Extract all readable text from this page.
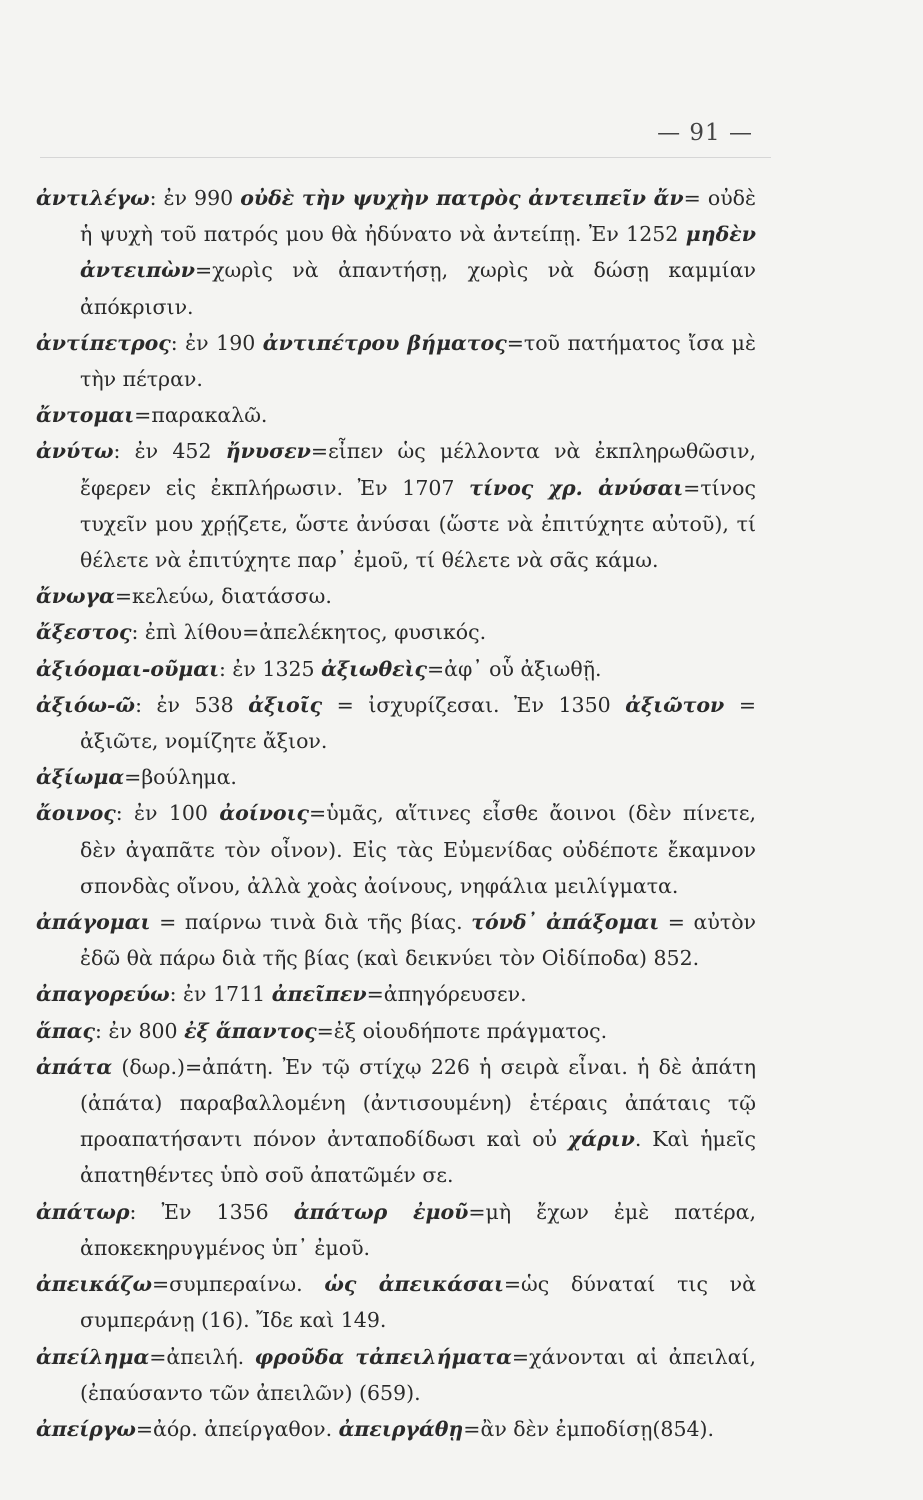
— 91 —

ἀντιλέγω: ἐν 990 οὐδὲ τὴν ψυχὴν πατρὸς ἀντειπεῖν ἄν= οὐδὲ ἡ ψυχὴ τοῦ πατρός μου θὰ ἠδύνατο νὰ ἀντείπῃ. Ἐν 1252 μηδὲν ἀντειπὼν=χωρὶς νὰ ἀπαντήσῃ, χωρὶς νὰ δώσῃ καμμίαν ἀπόκρισιν.

ἀντίπετρος: ἐν 190 ἀντιπέτρου βήματος=τοῦ πατήματος ἴσα μὲ τὴν πέτραν.

ἄντομαι=παρακαλῶ.

ἀνύτω: ἐν 452 ἤνυσεν=εἶπεν ὡς μέλλοντα νὰ ἐκπληρωθῶσιν, ἔφερεν εἰς ἐκπλήρωσιν. Ἐν 1707 τίνος χρ. ἀνύσαι=τίνος τυχεῖν μου χρῄζετε, ὥστε ἀνύσαι (ὥστε νὰ ἐπιτύχητε αὐτοῦ), τί θέλετε νὰ ἐπιτύχητε παρ᾿ ἐμοῦ, τί θέλετε νὰ σᾶς κάμω.

ἄνωγα=κελεύω, διατάσσω.

ἄξεστος: ἐπὶ λίθου=ἀπελέκητος, φυσικός.

ἀξιόομαι-οῦμαι: ἐν 1325 ἀξιωθεὶς=ἀφ᾿ οὗ ἀξιωθῇ.

ἀξιόω-ῶ: ἐν 538 ἀξιοῖς = ἰσχυρίζεσαι. Ἐν 1350 ἀξιῶτον = ἀξιῶτε, νομίζητε ἄξιον.

ἀξίωμα=βούλημα.

ἄοινος: ἐν 100 ἀοίνοις=ὑμᾶς, αἵτινες εἶσθε ἄοινοι (δὲν πίνετε, δὲν ἀγαπᾶτε τὸν οἶνον). Εἰς τὰς Εὐμενίδας οὐδέποτε ἔκαμνον σπονδὰς οἴνου, ἀλλὰ χοὰς ἀοίνους, νηφάλια μειλίγματα.

ἀπάγομαι = παίρνω τινὰ διὰ τῆς βίας. τόνδ᾿ ἀπάξομαι = αὐτὸν ἐδῶ θὰ πάρω διὰ τῆς βίας (καὶ δεικνύει τὸν Οἰδίποδα) 852.

ἀπαγορεύω: ἐν 1711 ἀπεῖπεν=ἀπηγόρευσεν.

ἅπας: ἐν 800 ἐξ ἅπαντος=ἐξ οἱουδήποτε πράγματος.

ἀπάτα (δωρ.)=ἀπάτη. Ἐν τῷ στίχῳ 226 ἡ σειρὰ εἶναι. ἡ δὲ ἀπάτη (ἀπάτα) παραβαλλομένη (ἀντισουμένη) ἑτέραις ἀπάταις τῷ προαπατήσαντι πόνον ἀνταποδίδωσι καὶ οὐ χάριν. Καὶ ἡμεῖς ἀπατηθέντες ὑπὸ σοῦ ἀπατῶμέν σε.

ἀπάτωρ: Ἐν 1356 ἀπάτωρ ἐμοῦ=μὴ ἔχων ἐμὲ πατέρα, ἀποκεκηρυγμένος ὑπ᾿ ἐμοῦ.

ἀπεικάζω=συμπεραίνω. ὡς ἀπεικάσαι=ὡς δύναταί τις νὰ συμπεράνῃ (16). Ἴδε καὶ 149.

ἀπείλημα=ἀπειλή. φροῦδα τἀπειλήματα=χάνονται αἱ ἀπειλαί, (ἐπαύσαντο τῶν ἀπειλῶν) (659).

ἀπείργω=ἀόρ. ἀπείργαθον. ἀπειργάθῃ=ἂν δὲν ἐμποδίσῃ(854).
